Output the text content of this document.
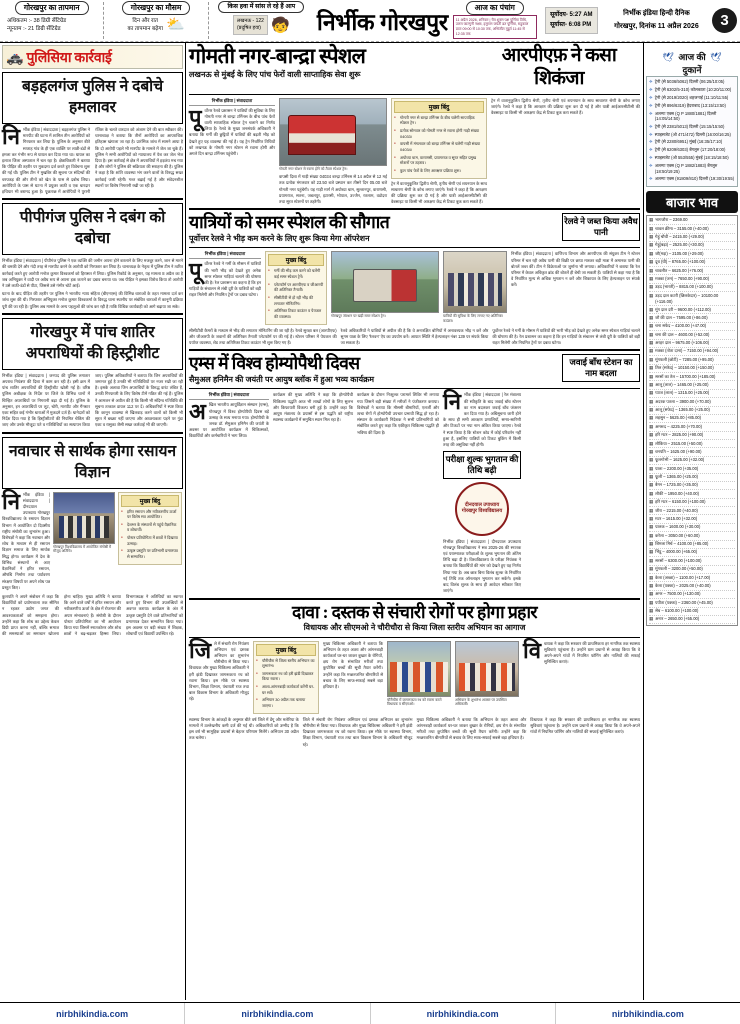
गोरखपुर का तापमान
अधिकतम :- 38 डिग्री सेंटिग्रेड
न्यूनतम :- 21 डिग्री सेंटिग्रेड
गोरखपुर का मौसम
दिन और रात
का तापमान बढ़ेगा ⛅
किस हवा में सांस ले रहे हैं आप
लखनऊ - 122
(प्रदूषित हवा) 🧒 निर्भीक गोरखपुर
आज का पंचांग
11 अप्रैल 2026, शनिवार | चैत्र शुक्ल पक्ष पूर्णिमा तिथि, उत्तरा फाल्गुनी नक्षत्र, हनुमान जयंती व्रत पूर्णिमा, राहुकाल प्रातः 09:00 से 10:30 तक, अभिजीत मुहूर्त 11:45 से 12:35 तक
सूर्योदय- 5:27 AM
सूर्यास्त- 6:08 PM
निर्भीक इंडिया हिन्दी दैनिक
गोरखपुर, दिनांक 11 अप्रैल 2026	3
🚓 पुलिसिया कार्रवाई
बड़हलगंज पुलिस ने दबोचे हमलावर
निर्भीक इंडिया | संवाददाता | बड़हलगंज पुलिस ने मारपीट की घटना में शामिल तीन आरोपियों को गिरफ्तार कर लिया है। पुलिस के अनुसार बीते सप्ताह गांव के ही एक व्यक्ति पर लाठी-डंडों से हमला कर गंभीर रूप से घायल कर दिया गया था। घायल का इलाज जिला अस्पताल में चल रहा है। क्षेत्राधिकारी ने बताया कि पीड़ित की तहरीर पर मुकदमा दर्ज करते हुए विवेचना शुरू की गई थी। पुलिस टीम ने मुखबिर की सूचना पर संदिग्धों की धरपकड़ की और तीनों को खेत के पास से दबोच लिया। आरोपियों के पास से घटना में प्रयुक्त लाठी व एक धारदार हथियार भी बरामद हुआ है। पूछताछ में आरोपियों ने पुरानी रंजिश के चलते वारदात को अंजाम देने की बात स्वीकार की। थानाध्यक्ष ने बताया कि तीनों आरोपियों का आपराधिक इतिहास खंगाला जा रहा है। प्रारंभिक जांच में सामने आया है कि दो आरोपी पहले भी मारपीट के मामले में जेल जा चुके हैं। पुलिस ने सभी आरोपियों को न्यायालय में पेश कर जेल भेज दिया है। इस कार्रवाई से क्षेत्र में अपराधियों में हड़कंप मच गया है और लोगों ने पुलिस की सक्रियता की सराहना की है। पुलिस ने कहा है कि शांति व्यवस्था भंग करने वालों के विरुद्ध सख्त कार्रवाई जारी रहेगी। गश्त बढ़ाई गई है और संवेदनशील स्थानों पर विशेष निगरानी रखी जा रही है।
पीपीगंज पुलिस ने दबंग को दबोचा
निर्भीक इंडिया | संवाददाता | पीपीगंज पुलिस ने एक व्यक्ति की जमीन अपना होने बतलाने के लिए मजबूर करने, जान से मारने की धमकी देने और गंदी तरह से मारपीट करने के आरोपी को गिरफ्तार कर लिया है। थानाध्यक्ष के नेतृत्व में पुलिस टीम ने त्वरित कार्रवाई करते हुए आरोपी मनोज कुमार विश्वकर्मा को हिरासत में लिया। पुलिस रिकॉर्ड के अनुसार, यह मामला 8 अप्रैल का है जब अभियुक्त ने वादी पर अवैध रूप से अपना हक जताने का दबाव बनाया था। जब पीड़ित ने इसका विरोध किया तो आरोपी ने उसे लाठी-डंडों से पीटा, जिससे उसे गंभीर चोटें आईं।
घटना के बाद पीड़ित की तहरीर पर पुलिस ने भारतीय न्याय संहिता (बीएनएस) की विभिन्न धाराओं के तहत मामला दर्ज कर जांच शुरू की थी। गिरफ्तार अभियुक्त मनोज कुमार विश्वकर्मा के विरुद्ध थाना स्थानीय पर संबंधित धाराओं में कानूनी प्रक्रिया पूरी की जा रही है। पुलिस अब मामले के अन्य पहलुओं की जांच कर रही है ताकि विधिक कार्यवाही को आगे बढ़ाया जा सके।
गोरखपुर में पांच शातिर अपराधियों की हिस्ट्रीशीट
निर्भीक इंडिया | संवाददाता | जनपद की पुलिस लगातार अपराध नियंत्रण की दिशा में काम कर रही है। इसी क्रम में पांच शातिर अपराधियों की हिस्ट्रीशीट खोली गई है। वरिष्ठ पुलिस अधीक्षक के निर्देश पर जिले के विभिन्न थानों में चिन्हित अपराधियों पर निगरानी बढ़ा दी गई है। पुलिस के अनुसार, इन अपराधियों पर लूट, चोरी, मारपीट और गैंगस्टर एक्ट सहित कई गंभीर धाराओं में मुकदमे दर्ज हैं। थानेदारों को निर्देश दिया गया है कि हिस्ट्रीशीटरों की नियमित चेकिंग की जाए और उनके मौजूदा पते व गतिविधियों का सत्यापन किया जाए। पुलिस अधिकारियों ने बताया कि जिन अपराधियों की जमानत हुई है उनकी भी गतिविधियों पर नजर रखी जा रही है। इसके अलावा जिन अपराधियों के विरुद्ध वारंट लंबित हैं, उनकी गिरफ्तारी के लिए विशेष टीमें गठित की गई हैं। पुलिस ने आमजन से अपील की है कि किसी भी संदिग्ध गतिविधि की सूचना तत्काल डायल 112 पर दें। अधिकारियों ने स्पष्ट किया कि कानून व्यवस्था से खिलवाड़ करने वालों को किसी भी सूरत में बख्शा नहीं जाएगा और आवश्यकता पड़ने पर गुंडा एक्ट व रासुका जैसी सख्त कार्रवाई भी की जाएगी।
नवाचार से सार्थक होगा रसायन विज्ञान
निर्भीक इंडिया | संवाददाता | दीनदयाल उपाध्याय गोरखपुर विश्वविद्यालय के रसायन विज्ञान विभाग में आयोजित दो दिवसीय राष्ट्रीय संगोष्ठी का शुभारंभ हुआ। विशेषज्ञों ने कहा कि नवाचार और शोध के माध्यम से ही रसायन विज्ञान समाज के लिए सार्थक सिद्ध होगा। कार्यक्रम में देश के विभिन्न संस्थानों से आए वैज्ञानिकों ने हरित रसायन, औषधि निर्माण तथा पर्यावरण संरक्षण विषयों पर अपने शोध पत्र प्रस्तुत किए।
गोरखपुर विश्वविद्यालय में आयोजित संगोष्ठी में मौजूद अतिथि।
मुख्य बिंदु
● हरित रसायन और नवीकरणीय ऊर्जा पर विशेष सत्र आयोजित।
● देशभर के संस्थानों से पहुंचे वैज्ञानिक व शोधार्थी।
● पोस्टर प्रतियोगिता में छात्रों ने दिखाया उत्साह।
● उत्कृष्ट प्रस्तुति पर प्रतिभागी प्रमाणपत्र से सम्मानित।
कुलपति ने अपने संबोधन में कहा कि विद्यार्थियों को प्रयोगशाला तक सीमित न रहकर उद्योग जगत की आवश्यकताओं को समझना होगा। उन्होंने कहा कि शोध का उद्देश्य केवल डिग्री प्राप्त करना नहीं, बल्कि समाज की समस्याओं का समाधान खोजना होना चाहिए। मुख्य अतिथि ने बताया कि आने वाले वर्षों में हरित रसायन और नवीकरणीय ऊर्जा के क्षेत्र में रोजगार की अपार संभावनाएं हैं। संगोष्ठी के दौरान पोस्टर प्रतियोगिता का भी आयोजन किया गया जिसमें स्नातकोत्तर और शोध छात्रों ने बढ़-चढ़कर हिस्सा लिया। विभागाध्यक्ष ने अतिथियों का स्वागत करते हुए विभाग की उपलब्धियों से अवगत कराया। कार्यक्रम के अंत में उत्कृष्ट प्रस्तुति देने वाले प्रतिभागियों को प्रमाणपत्र देकर सम्मानित किया गया। इस अवसर पर बड़ी संख्या में शिक्षक, शोधार्थी एवं विद्यार्थी उपस्थित रहे।
गोमती नगर-बान्द्रा स्पेशल
लखनऊ से मुंबई के लिए पांच फेरों वाली साप्ताहिक सेवा शुरू
आरपीएफ़ ने कसा शिकंजा
निर्भीक इंडिया | संवाददाता
पूर्वोत्तर रेलवे प्रशासन ने यात्रियों की सुविधा के लिए गोमती नगर से बान्द्रा टर्मिनस के बीच पांच फेरों वाली साप्ताहिक स्पेशल ट्रेन चलाने का निर्णय लिया है। रेलवे के मुख्य जनसंपर्क अधिकारी ने बताया कि गर्मी की छुट्टियों में यात्रियों की बढ़ती भीड़ को देखते हुए यह व्यवस्था की गई है। यह ट्रेन निर्धारित तिथियों को लखनऊ के गोमती नगर स्टेशन से रवाना होगी और अगले दिन बान्द्रा टर्मिनस पहुंचेगी।
गोमती नगर स्टेशन से रवाना होने को तैयार स्पेशल ट्रेन।
वापसी दिशा में गाड़ी संख्या 04034 बान्द्रा टर्मिनस से 14 अप्रैल से 12 मई तक प्रत्येक मंगलवार को 23.50 बजे प्रस्थान कर तीसरे दिन 05.00 बजे गोमती नगर पहुंचेगी। यह गाड़ी मार्ग में अयोध्या धाम, सुल्तानपुर, वाराणसी, प्रयागराज, सतना, जबलपुर, इटारसी, भोपाल, उज्जैन, रतलाम, वडोदरा तथा सूरत स्टेशनों पर ठहरेगी।
मुख्य बिंदु
● गोमती नगर से बान्द्रा टर्मिनस के बीच चलेगी साप्ताहिक स्पेशल ट्रेन।
● प्रत्येक सोमवार को गोमती नगर से रवाना होगी गाड़ी संख्या 04033।
● वापसी में मंगलवार को बान्द्रा टर्मिनस से चलेगी गाड़ी संख्या 04034।
● अयोध्या धाम, वाराणसी, प्रयागराज व सूरत सहित प्रमुख स्टेशनों पर ठहराव।
● कुल पांच फेरों के लिए आरक्षण प्रक्रिया शुरू।
ट्रेन में वातानुकूलित द्वितीय श्रेणी, तृतीय श्रेणी एवं शयनयान के साथ साधारण श्रेणी के कोच लगाए जाएंगे। रेलवे ने कहा है कि आरक्षण की प्रक्रिया शुरू कर दी गई है और यात्री आईआरसीटीसी की वेबसाइट या किसी भी आरक्षण केंद्र से टिकट बुक करा सकते हैं।
ट्रेन में वातानुकूलित द्वितीय श्रेणी, तृतीय श्रेणी एवं शयनयान के साथ साधारण श्रेणी के कोच लगाए जाएंगे। रेलवे ने कहा है कि आरक्षण की प्रक्रिया शुरू कर दी गई है और यात्री आईआरसीटीसी की वेबसाइट या किसी भी आरक्षण केंद्र से टिकट बुक करा सकते हैं।
यात्रियों को समर स्पेशल की सौगात
पूर्वोत्तर रेलवे ने भीड़ कम करने के लिए शुरू किया मेगा ऑपरेशन
रेलवे ने जब्त किया अवैध पानी
निर्भीक इंडिया | संवाददाता
पूर्वोत्तर रेलवे ने गर्मी के मौसम में यात्रियों की भारी भीड़ को देखते हुए अनेक समर स्पेशल गाड़ियां चलाने की घोषणा की है। रेल प्रशासन का कहना है कि इन गाड़ियों के संचालन से लंबी दूरी के यात्रियों को बड़ी राहत मिलेगी और नियमित ट्रेनों पर दबाव घटेगा।
मुख्य बिंदु
● गर्मी की भीड़ कम करने को चलेंगी कई समर स्पेशल ट्रेनें।
● प्लेटफॉर्म पर आरपीएफ व जीआरपी की अतिरिक्त तैनाती।
● सीसीटीवी से हो रही भीड़ की लगातार मॉनिटरिंग।
● अतिरिक्त टिकट काउंटर व पेयजल की व्यवस्था।	गोरखपुर जंक्शन पर खड़ी समर स्पेशल ट्रेन।	यात्रियों की सुविधा के लिए लगाए गए अतिरिक्त काउंटर।
निर्भीक इंडिया | संवाददाता | वाणिज्य विभाग और आरपीएफ की संयुक्त टीम ने स्टेशन परिसर में चल रही अवैध पानी की बिक्री पर छापा मारकर बड़ी मात्रा में अमानक पानी की बोतलें जब्त कीं। टीम ने विक्रेताओं पर जुर्माना भी लगाया। अधिकारियों ने बताया कि रेल परिसर में केवल अधिकृत ब्रांड की बोतलें ही बेची जा सकती हैं। यात्रियों से कहा गया है कि वे निर्धारित मूल्य से अधिक भुगतान न करें और शिकायत के लिए हेल्पलाइन पर संपर्क करें।
सीसीटीवी कैमरों के माध्यम से भीड़ की लगातार मॉनिटरिंग की जा रही है। रेलवे सुरक्षा बल (आरपीएफ) और जीआरपी के जवानों की अतिरिक्त तैनाती प्लेटफॉर्म पर की गई है। स्टेशन परिसर में पेयजल की पर्याप्त व्यवस्था, शेड तथा अतिरिक्त टिकट काउंटर भी शुरू किए गए हैं।
रेलवे अधिकारियों ने यात्रियों से अपील की है कि वे अनारक्षित बोगियों में अनावश्यक भीड़ न करें और सुगम यात्रा के लिए 'रेलवन' ऐप का उपयोग करें। आपात स्थिति में हेल्पलाइन नंबर 139 पर संपर्क किया जा सकता है।
पूर्वोत्तर रेलवे ने गर्मी के मौसम में यात्रियों की भारी भीड़ को देखते हुए अनेक समर स्पेशल गाड़ियां चलाने की घोषणा की है। रेल प्रशासन का कहना है कि इन गाड़ियों के संचालन से लंबी दूरी के यात्रियों को बड़ी राहत मिलेगी और नियमित ट्रेनों पर दबाव घटेगा।
एम्स में विश्व होम्योपैथी दिवस
सैमुअल हनिमैन की जयंती पर आयुष ब्लॉक में हुआ भव्य कार्यक्रम
जवाई बाँध स्टेशन का नाम बदला
निर्भीक इंडिया | संवाददाता
अखिल भारतीय आयुर्विज्ञान संस्थान (एम्स), गोरखपुर में विश्व होम्योपैथी दिवस बड़े उत्साह के साथ मनाया गया। होम्योपैथी के जनक डॉ. सैमुअल हनिमैन की जयंती के अवसर पर आयोजित कार्यक्रम में चिकित्सकों, विद्यार्थियों और कर्मचारियों ने भाग लिया।
कार्यक्रम की मुख्य अतिथि ने कहा कि होम्योपैथी चिकित्सा पद्धति आज भी लाखों लोगों के लिए सुलभ और किफायती विकल्प बनी हुई है। उन्होंने कहा कि आयुष मंत्रालय के प्रयासों से इस पद्धति को राष्ट्रीय स्वास्थ्य कार्यक्रमों में समुचित स्थान मिल रहा है।
कार्यक्रम के दौरान निःशुल्क परामर्श शिविर भी लगाया गया जिसमें बड़ी संख्या में मरीजों ने पंजीकरण कराया। विशेषज्ञों ने बताया कि मौसमी बीमारियों, एलर्जी और त्वचा रोगों में होम्योपैथी उपचार प्रभावी सिद्ध हो रहा है। संस्थान के कार्यकारी निदेशक ने सभी प्रतिभागियों को संबोधित करते हुए कहा कि एकीकृत चिकित्सा पद्धति ही भविष्य की दिशा है।
निर्भीक इंडिया | संवाददाता | रेल मंत्रालय की स्वीकृति के बाद जवाई बाँध स्टेशन का नाम बदलकर जवाई बाँध जंक्शन कर दिया गया है। अधिसूचना जारी होने के साथ ही सभी आरक्षण प्रणालियों, समय-सारिणी और टिकटों पर नया नाम अंकित किया जाएगा। रेलवे ने स्पष्ट किया है कि स्टेशन कोड में कोई परिवर्तन नहीं हुआ है, इसलिए यात्रियों को टिकट बुकिंग में किसी तरह की असुविधा नहीं होगी।
परीक्षा शुल्क भुगतान की तिथि बढ़ी
दीनदयाल उपाध्याय गोरखपुर विश्वविद्यालय
निर्भीक इंडिया | संवाददाता | दीनदयाल उपाध्याय गोरखपुर विश्वविद्यालय ने सत्र 2025-26 की स्नातक एवं परास्नातक परीक्षाओं के शुल्क भुगतान की अंतिम तिथि बढ़ा दी है। विश्वविद्यालय के परीक्षा नियंत्रक ने बताया कि विद्यार्थियों की मांग को देखते हुए यह निर्णय लिया गया है। अब छात्र बिना विलंब शुल्क के निर्धारित नई तिथि तक ऑनलाइन भुगतान कर सकेंगे। इसके बाद विलंब शुल्क के साथ ही आवेदन स्वीकार किए जाएंगे।
दावा : दस्तक से संचारी रोगों पर होगा प्रहार
विधायक और सीएमओ ने चौरीचौरा से किया जिला स्तरीय अभियान का आगाज
जिले में संचारी रोग नियंत्रण अभियान एवं दस्तक अभियान का शुभारंभ चौरीचौरा से किया गया। विधायक और मुख्य चिकित्सा अधिकारी ने हरी झंडी दिखाकर जागरूकता रथ को रवाना किया। इस मौके पर स्वास्थ्य विभाग, शिक्षा विभाग, पंचायती राज तथा बाल विकास विभाग के अधिकारी मौजूद रहे।
मुख्य बिंदु
● चौरीचौरा से जिला स्तरीय अभियान का शुभारंभ।
● जागरूकता रथ को हरी झंडी दिखाकर किया रवाना।
● आशा-आंगनबाड़ी कार्यकर्ता करेंगी घर-घर सर्वे।
● अभियान 30 अप्रैल तक चलाया जाएगा।
मुख्य चिकित्सा अधिकारी ने बताया कि अभियान के तहत आशा और आंगनबाड़ी कार्यकर्ता घर-घर जाकर बुखार के रोगियों, क्षय रोग के संभावित मरीजों तथा कुपोषित बच्चों की सूची तैयार करेंगी। उन्होंने कहा कि मच्छरजनित बीमारियों से बचाव के लिए साफ-सफाई सबसे बड़ा हथियार है।
चौरीचौरा में जागरूकता रथ को रवाना करते विधायक व सीएमओ।
अभियान के शुभारंभ अवसर पर उपस्थित अधिकारी।
विधायक ने कहा कि सरकार की प्राथमिकता हर नागरिक तक स्वास्थ्य सुविधाएं पहुंचाना है। उन्होंने ग्राम प्रधानों से आग्रह किया कि वे अपने-अपने गांवों में नियमित फॉगिंग और नालियों की सफाई सुनिश्चित कराएं।
स्वास्थ्य विभाग के आंकड़ों के अनुसार बीते वर्ष जिले में डेंगू और मलेरिया के मामलों में उल्लेखनीय कमी दर्ज की गई थी। अधिकारियों को उम्मीद है कि इस वर्ष भी सामूहिक प्रयासों से बेहतर परिणाम मिलेंगे। अभियान 30 अप्रैल तक चलेगा।
जिले में संचारी रोग नियंत्रण अभियान एवं दस्तक अभियान का शुभारंभ चौरीचौरा से किया गया। विधायक और मुख्य चिकित्सा अधिकारी ने हरी झंडी दिखाकर जागरूकता रथ को रवाना किया। इस मौके पर स्वास्थ्य विभाग, शिक्षा विभाग, पंचायती राज तथा बाल विकास विभाग के अधिकारी मौजूद रहे।
मुख्य चिकित्सा अधिकारी ने बताया कि अभियान के तहत आशा और आंगनबाड़ी कार्यकर्ता घर-घर जाकर बुखार के रोगियों, क्षय रोग के संभावित मरीजों तथा कुपोषित बच्चों की सूची तैयार करेंगी। उन्होंने कहा कि मच्छरजनित बीमारियों से बचाव के लिए साफ-सफाई सबसे बड़ा हथियार है।
विधायक ने कहा कि सरकार की प्राथमिकता हर नागरिक तक स्वास्थ्य सुविधाएं पहुंचाना है। उन्होंने ग्राम प्रधानों से आग्रह किया कि वे अपने-अपने गांवों में नियमित फॉगिंग और नालियों की सफाई सुनिश्चित कराएं।
🕊 आज की 🕊
दुकानें
✈ ट्रेनी (से 5036/5062) दिल्ली (06:25/10:05)
✈ ट्रेनी (से 6302/5-310) कोलकाता (10:20/11:00)
✈ ट्रेनी (से 2019/2020) शहजनाई (11:10/11:55)
✈ ट्रेनी (से 896/6319) हैदराबाद (13:15/13:50)
✈ अलग्गा एक्स (Q P 1880/1881) दिल्ली (14:05/14:50)
✈ ट्रेनी (से 2381/5013) दिल्ली (15:15/15:50)
✈ स्पाइसजेट (ओ 471/472) दिल्ली (16:00/16:25)
✈ ट्रेनी (से 2280/6951) मुंबई (16:35/17:10)
✈ ट्रेनी (से 6209/6303) बेंगलुरु (17:20/18:00)
✈ स्पाइसजेट (ओ 553/555) मुंबई (18:15/18:50)
✈ अलग्गा एक्स (Q P 1882/1883) बेंगलुरु (18:50/19:25)
✈ अलग्गा एक्स (91809/810) दिल्ली (19:30/19:55)
बाजार भाव
▦ भागजौरा – 2369.00
▦ चावल क्रीमा – 3155.00 (+40.00)
▦ गेहूं चौथी – 2415.00 (+29.00)
▦ गेहूं(बढ़ा) – 2525.00 (+30.00)
▦ जौ(मड़ा) – 2105.00 (+29.00)
▦ दूध (घी) – 8765.00 (+100.00)
▦ चावलीत – 6625.00 (+76.00)
▦ मक्का (जन) – 7650.00 (+90.00)
▦ उड़द (भारती) – 8815.00 (+100.00)
▦ उड़द दाल कटरी (छिलकेदार) – 10100.00 (+116.00)
▦ मूंग दाल दरी – 9600.00 (+112.00)
▦ जौ की दाल – 7595.00 (+86.00)
▦ चना सफेद – 4100.00 (+47.00)
▦ चना की दाल – 4600.00 (+52.00)
▦ अरहर दाल – 9675.00 (+106.00)
▦ मक्का (तोता दाना) – 7150.00 (+94.00)
▦ मूंगफली (छोटी) – 7285.00 (+95.00)
▦ तिल (सफेद) – 10150.00 (+150.00)
▦ सरसों का तेल – 15700.00 (+185.00)
▦ आलू (लाल) – 1465.00 (+25.00)
▦ प्याज (लाल) – 1315.00 (+25.00)
▦ अदरक पतला – 3900.00 (+70.00)
▦ आलू (सफेद) – 1365.00 (+25.00)
▦ लहसुन – 5625.00 (+85.00)
▦ अमरूद – 4225.00 (+70.00)
▦ हरि मटर – 2825.00 (+90.00)
▦ लौकिया – 2515.00 (+50.00)
▦ धनपति – 1625.00 (+90.00)
▦ फूलगोभी – 1625.00 (+32.00)
▦ पाला – 2200.00 (+35.00)
▦ फूली – 1365.00 (+25.00)
▦ बैगन – 1725.00 (+35.00)
▦ लौकी – 1950.00 (+40.00)
▦ हरि मटर – 6150.00 (+100.00)
▦ जीरा – 2215.00 (+40.00)
▦ मटर – 1615.00 (+32.00)
▦ पालक – 1600.00 (+30.00)
▦ करेला – 3050.00 (+60.00)
▦ शिमला मिर्च – 4100.00 (+85.00)
▦ भिंडू – 4000.00 (+65.00)
▦ सरसों – 6300.00 (+100.00)
▦ मूंगफली – 3200.00 (+50.00)
▦ केला (अच्छा) – 1100.00 (+17.00)
▦ केला (पक्का) – 2025.00 (+40.00)
▦ अमर – 7500.00 (+130.00)
▦ पपीता (पक्का) – 2360.00 (+45.00)
▦ सेब – 6100.00 (+100.00)
▦ अनार – 2650.00 (+55.00)
nirbhikindia.com	nirbhikindia.com	nirbhikindia.com	nirbhikindia.com
